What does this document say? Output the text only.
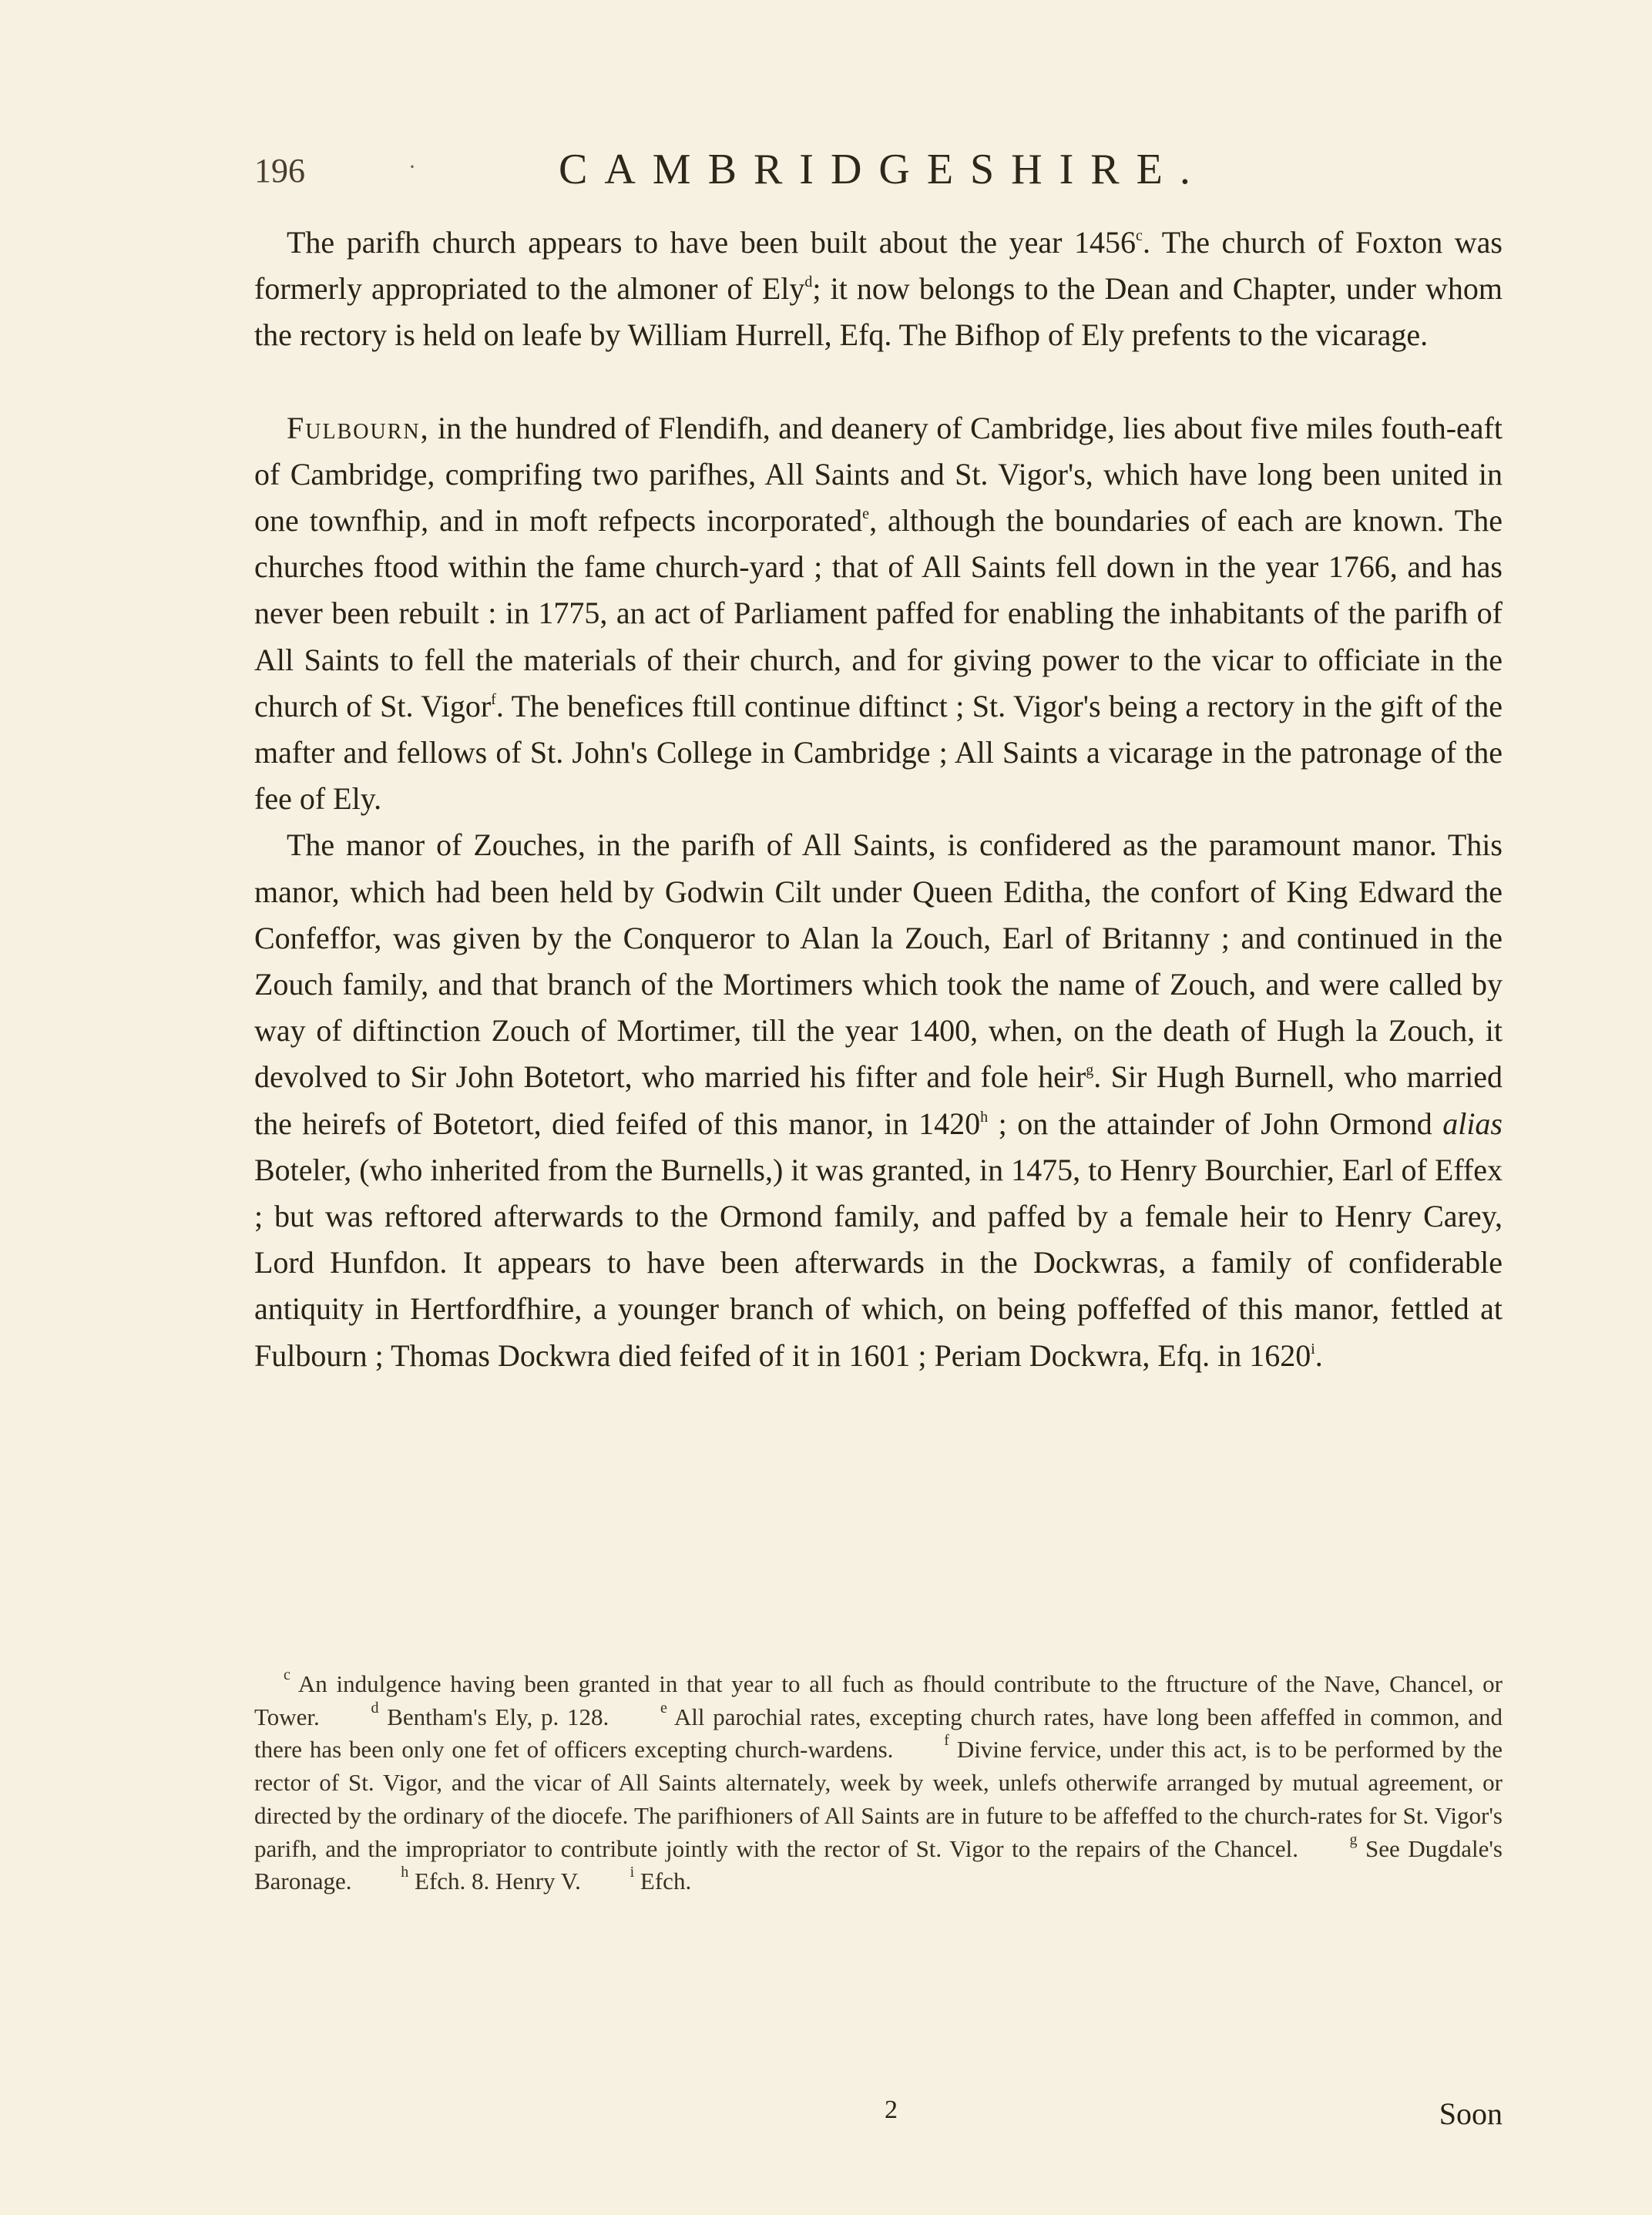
196	·	CAMBRIDGESHIRE.

The parifh church appears to have been built about the year 1456$^c$. The church of Foxton was formerly appropriated to the almoner of Ely$^d$; it now belongs to the Dean and Chapter, under whom the rectory is held on leafe by William Hurrell, Efq. The Bifhop of Ely prefents to the vicarage.

Fulbourn, in the hundred of Flendifh, and deanery of Cambridge, lies about five miles fouth-eaft of Cambridge, comprifing two parifhes, All Saints and St. Vigor's, which have long been united in one townfhip, and in moft refpects incorporated$^e$, although the boundaries of each are known. The churches ftood within the fame church-yard ; that of All Saints fell down in the year 1766, and has never been rebuilt : in 1775, an act of Parliament paffed for enabling the inhabitants of the parifh of All Saints to fell the materials of their church, and for giving power to the vicar to officiate in the church of St. Vigor$^f$. The benefices ftill continue diftinct ; St. Vigor's being a rectory in the gift of the mafter and fellows of St. John's College in Cambridge ; All Saints a vicarage in the patronage of the fee of Ely.

The manor of Zouches, in the parifh of All Saints, is confidered as the paramount manor. This manor, which had been held by Godwin Cilt under Queen Editha, the confort of King Edward the Confeffor, was given by the Conqueror to Alan la Zouch, Earl of Britanny ; and continued in the Zouch family, and that branch of the Mortimers which took the name of Zouch, and were called by way of diftinction Zouch of Mortimer, till the year 1400, when, on the death of Hugh la Zouch, it devolved to Sir John Botetort, who married his fifter and fole heir$^g$. Sir Hugh Burnell, who married the heirefs of Botetort, died feifed of this manor, in 1420$^h$ ; on the attainder of John Ormond alias Boteler, (who inherited from the Burnells,) it was granted, in 1475, to Henry Bourchier, Earl of Effex ; but was reftored afterwards to the Ormond family, and paffed by a female heir to Henry Carey, Lord Hunfdon. It appears to have been afterwards in the Dockwras, a family of confiderable antiquity in Hertfordfhire, a younger branch of which, on being poffeffed of this manor, fettled at Fulbourn ; Thomas Dockwra died feifed of it in 1601 ; Periam Dockwra, Efq. in 1620$^i$.

$^c$ An indulgence having been granted in that year to all fuch as fhould contribute to the ftructure of the Nave, Chancel, or Tower.	$^d$ Bentham's Ely, p. 128.	$^e$ All parochial rates, excepting church rates, have long been affeffed in common, and there has been only one fet of officers excepting church-wardens.	$^f$ Divine fervice, under this act, is to be performed by the rector of St. Vigor, and the vicar of All Saints alternately, week by week, unlefs otherwife arranged by mutual agreement, or directed by the ordinary of the diocefe. The parifhioners of All Saints are in future to be affeffed to the church-rates for St. Vigor's parifh, and the impropriator to contribute jointly with the rector of St. Vigor to the repairs of the Chancel.	$^g$ See Dugdale's Baronage.	$^h$ Efch. 8. Henry V.	$^i$ Efch.

2	Soon
